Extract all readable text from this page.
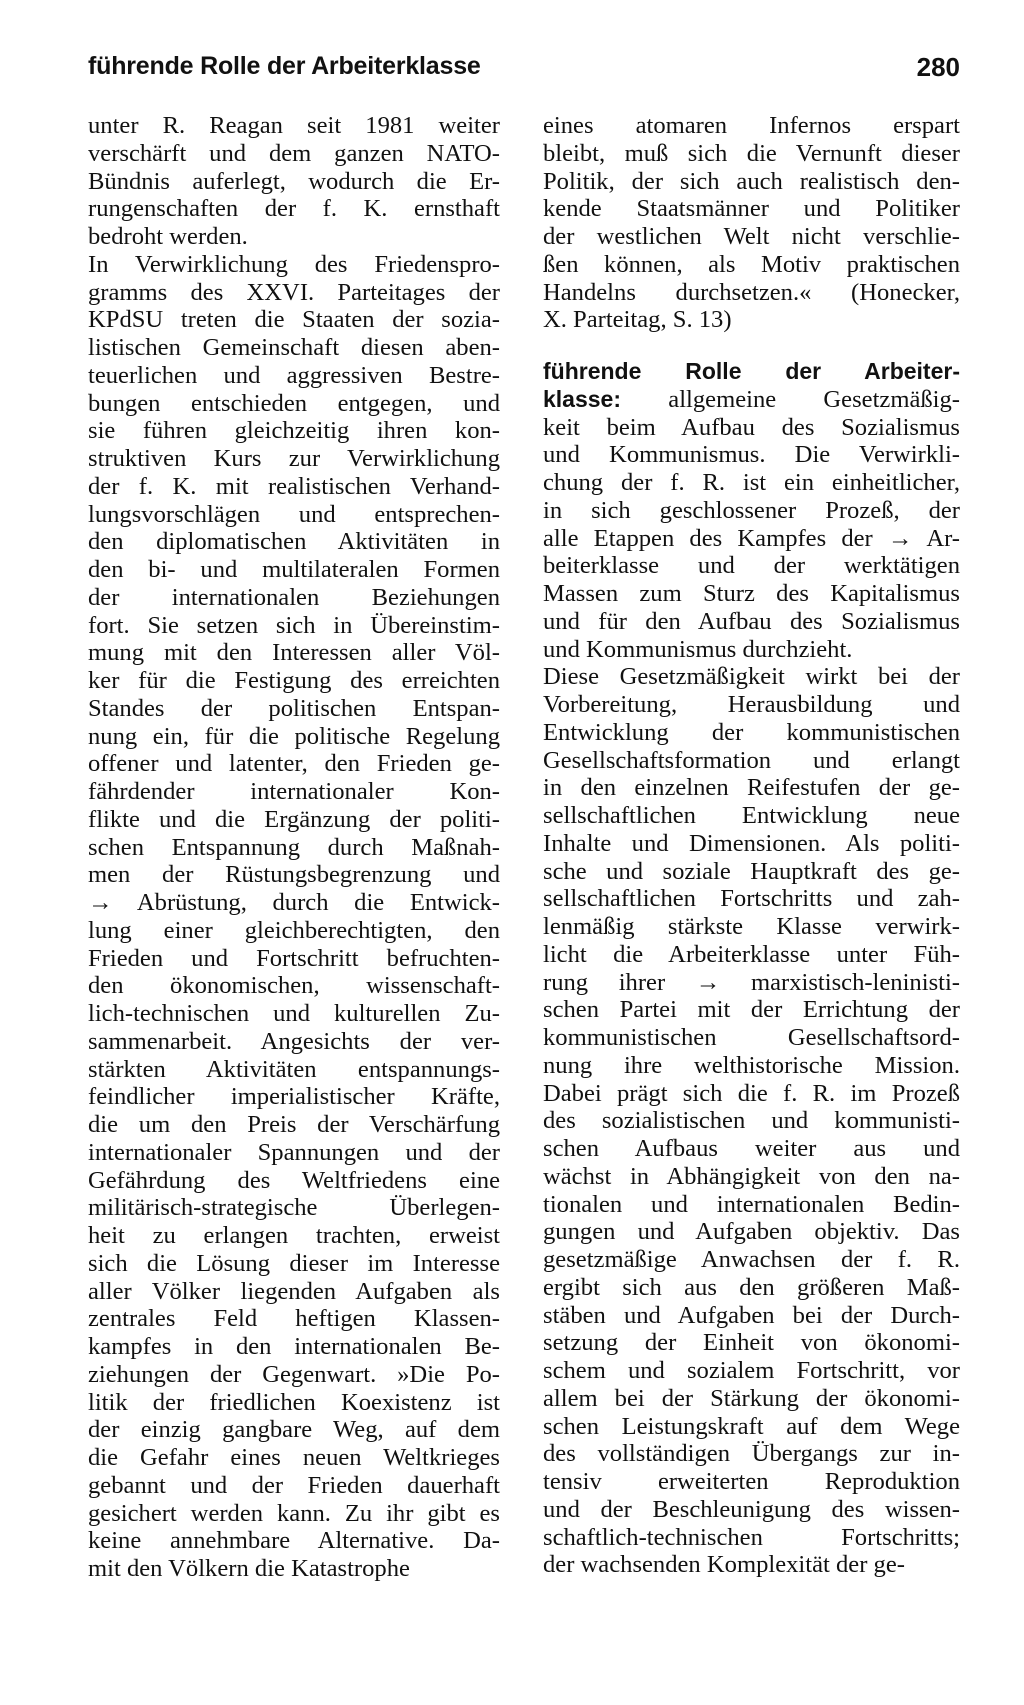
führende Rolle der Arbeiterklasse	280
unter R. Reagan seit 1981 weiter
verschärft und dem ganzen NATO-
Bündnis auferlegt, wodurch die Er-
rungenschaften der f. K. ernsthaft
bedroht werden.
In Verwirklichung des Friedenspro-
gramms des XXVI. Parteitages der
KPdSU treten die Staaten der sozia-
listischen Gemeinschaft diesen aben-
teuerlichen und aggressiven Bestre-
bungen entschieden entgegen, und
sie führen gleichzeitig ihren kon-
struktiven Kurs zur Verwirklichung
der f. K. mit realistischen Verhand-
lungsvorschlägen und entsprechen-
den diplomatischen Aktivitäten in
den bi- und multilateralen Formen
der internationalen Beziehungen
fort. Sie setzen sich in Übereinstim-
mung mit den Interessen aller Völ-
ker für die Festigung des erreichten
Standes der politischen Entspan-
nung ein, für die politische Regelung
offener und latenter, den Frieden ge-
fährdender internationaler Kon-
flikte und die Ergänzung der politi-
schen Entspannung durch Maßnah-
men der Rüstungsbegrenzung und
→ Abrüstung, durch die Entwick-
lung einer gleichberechtigten, den
Frieden und Fortschritt befruchten-
den ökonomischen, wissenschaft-
lich-technischen und kulturellen Zu-
sammenarbeit. Angesichts der ver-
stärkten Aktivitäten entspannungs-
feindlicher imperialistischer Kräfte,
die um den Preis der Verschärfung
internationaler Spannungen und der
Gefährdung des Weltfriedens eine
militärisch-strategische Überlegen-
heit zu erlangen trachten, erweist
sich die Lösung dieser im Interesse
aller Völker liegenden Aufgaben als
zentrales Feld heftigen Klassen-
kampfes in den internationalen Be-
ziehungen der Gegenwart. »Die Po-
litik der friedlichen Koexistenz ist
der einzig gangbare Weg, auf dem
die Gefahr eines neuen Weltkrieges
gebannt und der Frieden dauerhaft
gesichert werden kann. Zu ihr gibt es
keine annehmbare Alternative. Da-
mit den Völkern die Katastrophe
eines atomaren Infernos erspart
bleibt, muß sich die Vernunft dieser
Politik, der sich auch realistisch den-
kende Staatsmänner und Politiker
der westlichen Welt nicht verschlie-
ßen können, als Motiv praktischen
Handelns durchsetzen.« (Honecker,
X. Parteitag, S. 13)
führende Rolle der Arbeiter-
klasse: allgemeine Gesetzmäßig-
keit beim Aufbau des Sozialismus
und Kommunismus. Die Verwirkli-
chung der f. R. ist ein einheitlicher,
in sich geschlossener Prozeß, der
alle Etappen des Kampfes der → Ar-
beiterklasse und der werktätigen
Massen zum Sturz des Kapitalismus
und für den Aufbau des Sozialismus
und Kommunismus durchzieht.
Diese Gesetzmäßigkeit wirkt bei der
Vorbereitung, Herausbildung und
Entwicklung der kommunistischen
Gesellschaftsformation und erlangt
in den einzelnen Reifestufen der ge-
sellschaftlichen Entwicklung neue
Inhalte und Dimensionen. Als politi-
sche und soziale Hauptkraft des ge-
sellschaftlichen Fortschritts und zah-
lenmäßig stärkste Klasse verwirk-
licht die Arbeiterklasse unter Füh-
rung ihrer → marxistisch-leninisti-
schen Partei mit der Errichtung der
kommunistischen Gesellschaftsord-
nung ihre welthistorische Mission.
Dabei prägt sich die f. R. im Prozeß
des sozialistischen und kommunisti-
schen Aufbaus weiter aus und
wächst in Abhängigkeit von den na-
tionalen und internationalen Bedin-
gungen und Aufgaben objektiv. Das
gesetzmäßige Anwachsen der f. R.
ergibt sich aus den größeren Maß-
stäben und Aufgaben bei der Durch-
setzung der Einheit von ökonomi-
schem und sozialem Fortschritt, vor
allem bei der Stärkung der ökonomi-
schen Leistungskraft auf dem Wege
des vollständigen Übergangs zur in-
tensiv erweiterten Reproduktion
und der Beschleunigung des wissen-
schaftlich-technischen Fortschritts;
der wachsenden Komplexität der ge-
